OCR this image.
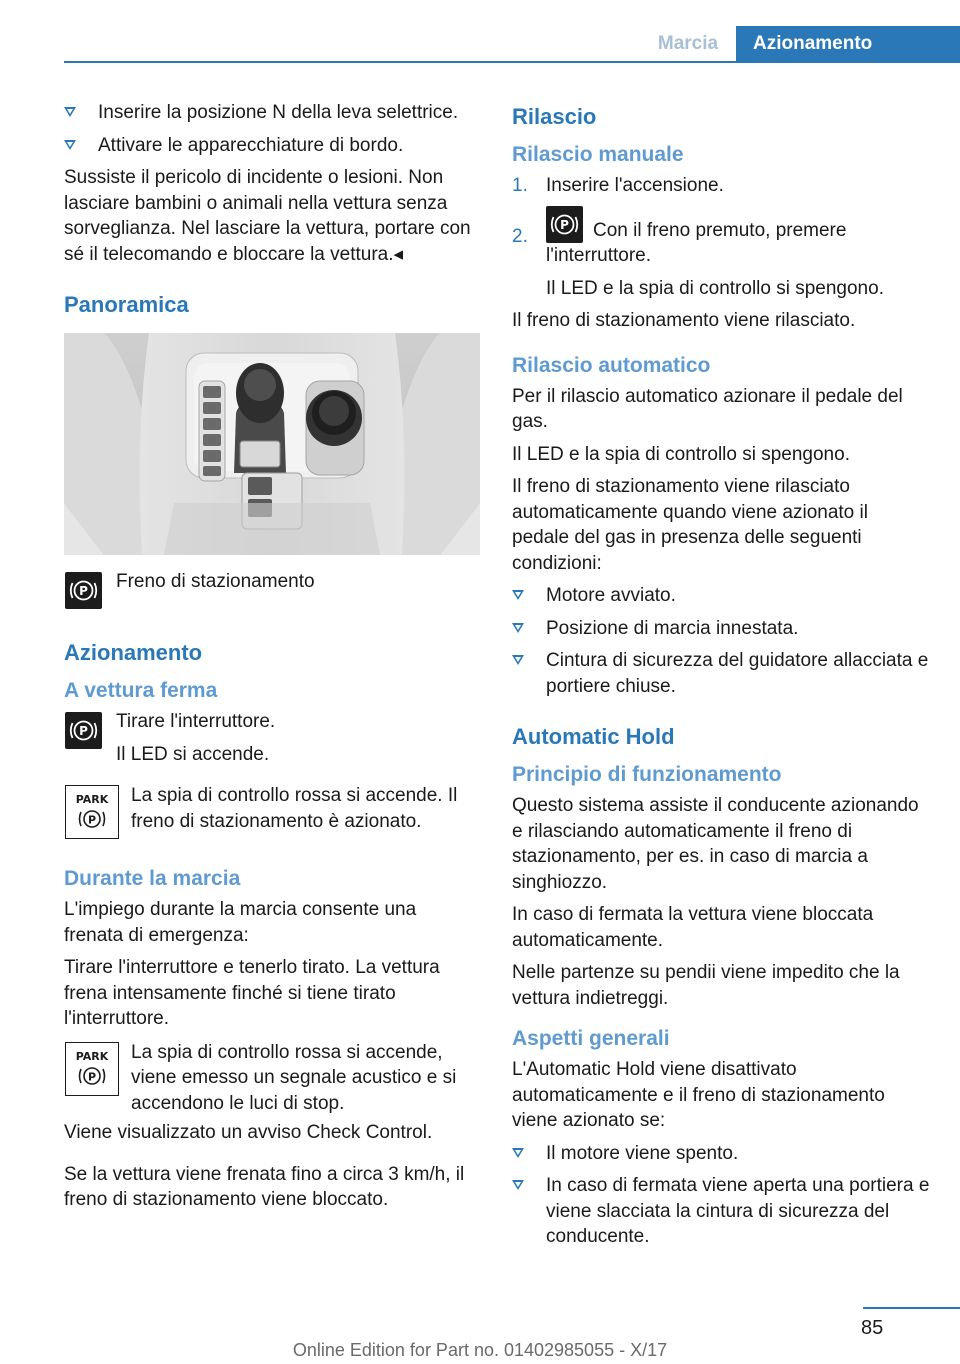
Marcia	Azionamento
Inserire la posizione N della leva selettrice.
Attivare le apparecchiature di bordo.

Sussiste il pericolo di incidente o lesioni. Non lasciare bambini o animali nella vettura senza sorveglianza. Nel lasciare la vettura, portare con sé il telecomando e bloccare la vettura.◂

Panoramica
P Freno di stazionamento
Azionamento
A vettura ferma
P Tirare l'interruttore.
Il LED si accende.
PARK
P
La spia di controllo rossa si accende. Il freno di stazionamento è azionato.
Durante la marcia

L'impiego durante la marcia consente una frenata di emergenza:

Tirare l'interruttore e tenerlo tirato. La vettura frena intensamente finché si tiene tirato l'interruttore.

PARK
P
La spia di controllo rossa si accende, viene emesso un segnale acustico e si accendono le luci di stop.

Viene visualizzato un avviso Check Control.

Se la vettura viene frenata fino a circa 3 km/h, il freno di stazionamento viene bloccato.

Rilascio
Rilascio manuale
1. Inserire l'accensione.
2.
P	Con il freno premuto, premere l'interruttore.
Il LED e la spia di controllo si spengono.

Il freno di stazionamento viene rilasciato.

Rilascio automatico

Per il rilascio automatico azionare il pedale del gas.

Il LED e la spia di controllo si spengono.

Il freno di stazionamento viene rilasciato automaticamente quando viene azionato il pedale del gas in presenza delle seguenti condizioni:

Motore avviato.
Posizione di marcia innestata.
Cintura di sicurezza del guidatore allacciata e portiere chiuse.
Automatic Hold
Principio di funzionamento

Questo sistema assiste il conducente azionando e rilasciando automaticamente il freno di stazionamento, per es. in caso di marcia a singhiozzo.

In caso di fermata la vettura viene bloccata automaticamente.

Nelle partenze su pendii viene impedito che la vettura indietreggi.

Aspetti generali

L'Automatic Hold viene disattivato automaticamente e il freno di stazionamento viene azionato se:

Il motore viene spento.
In caso di fermata viene aperta una portiera e viene slacciata la cintura di sicurezza del conducente.
85
Online Edition for Part no. 01402985055 - X/17
